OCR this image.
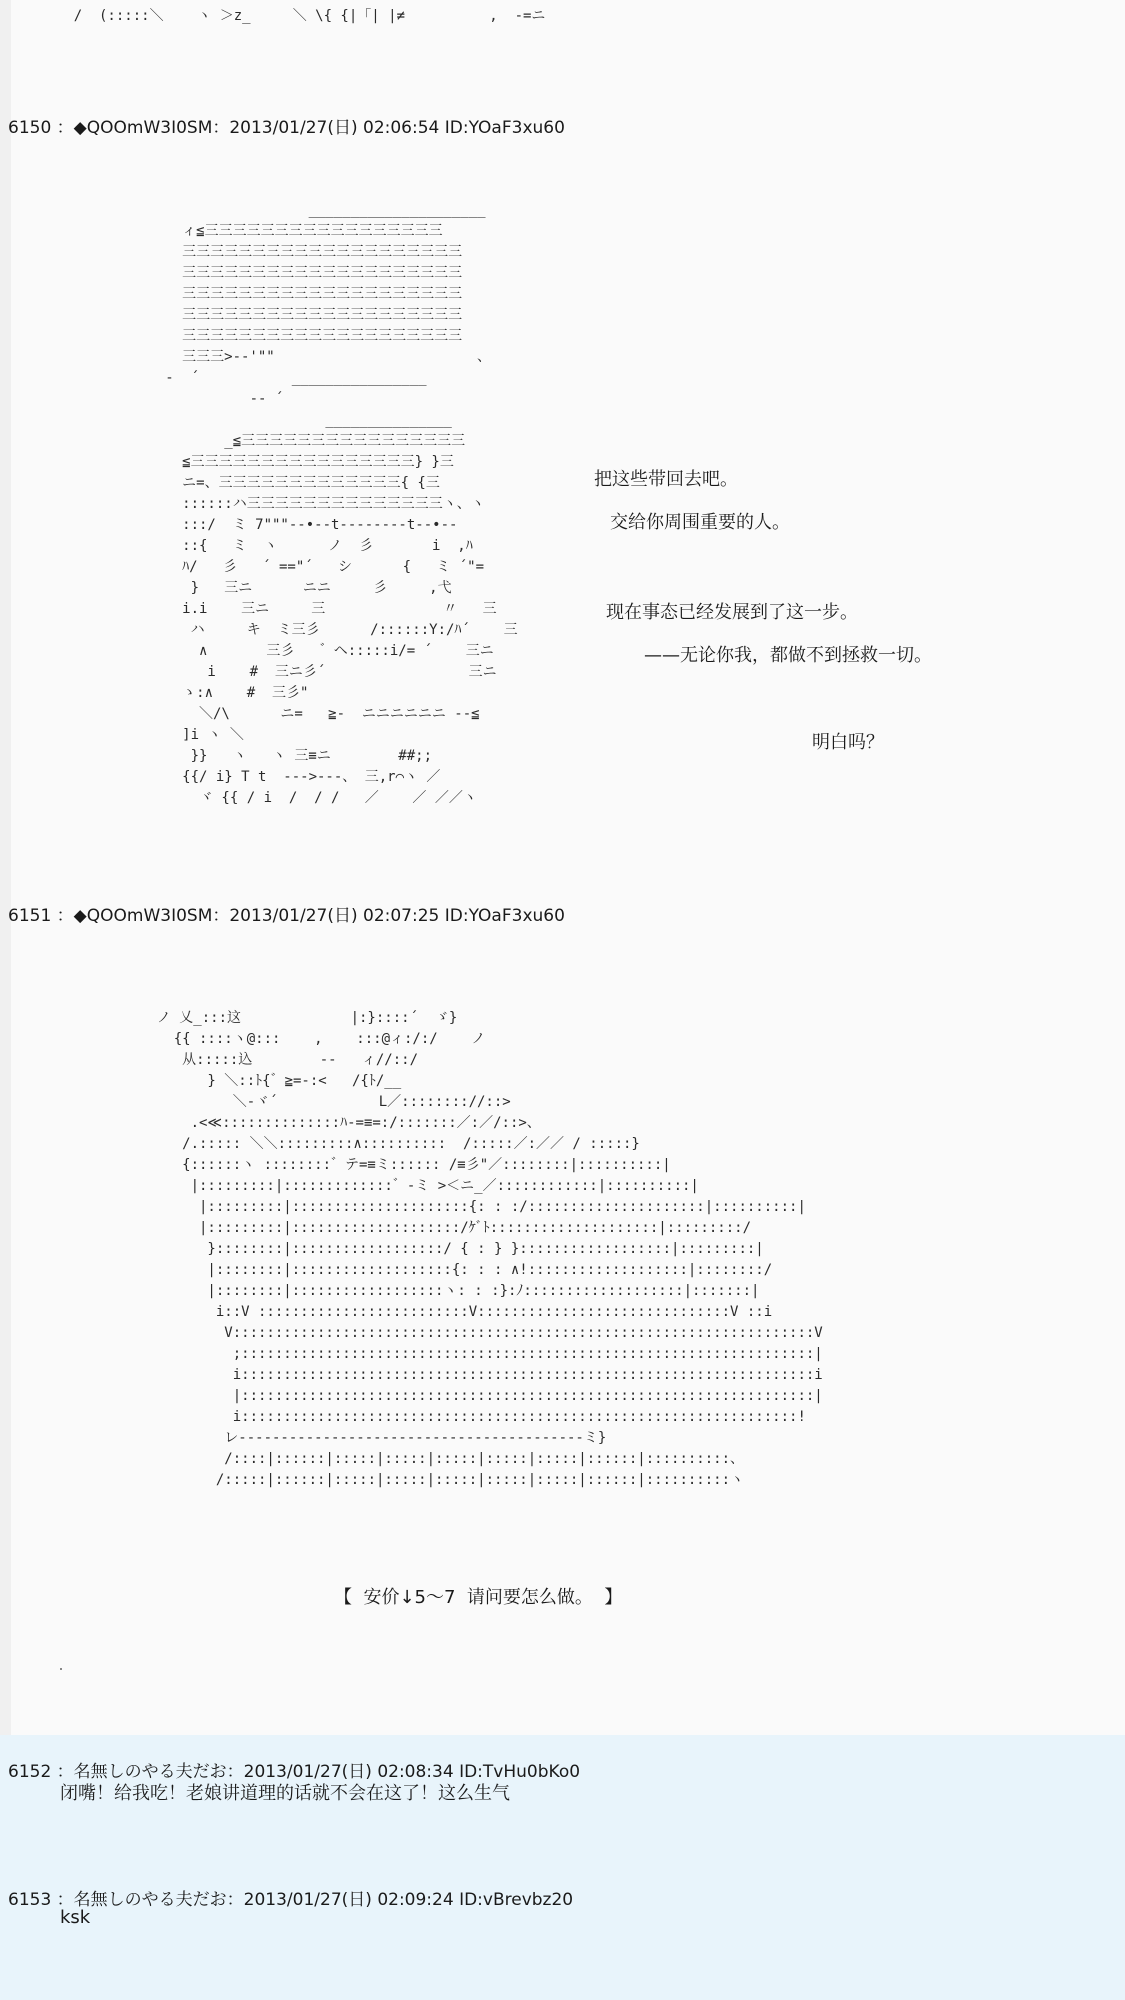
/  (:::::＼    ヽ ＞z_     ＼ \{ {|「| |≠          ,  -=ニ
6150 ：◆QOOmW3I0SM：2013/01/27(日) 02:06:54 ID:YOaF3xu60
_____________________
ィ≦三三三三三三三三三三三三三三三三三
三三三三三三三三三三三三三三三三三三三三
三三三三三三三三三三三三三三三三三三三三
三三三三三三三三三三三三三三三三三三三三
三三三三三三三三三三三三三三三三三三三三
三三三三三三三三三三三三三三三三三三三三
三三三>-‐'""                        、
‐  ´           ________________
‐‐ ´
_______________
_≦三三三三三三三三三三三三三三三三
≦三三三三三三三三三三三三三三三三} }三
ニ=、三三三三三三三三三三三三三{ {三
::::::ハ三三三三三三三三三三三三三三ヽ、ヽ
:::/  ミ 7"""‐‐•‐‐t‐‐‐‐‐‐‐‐t‐‐•‐‐
::{   ミ  ヽ      ノ  彡       i  ,ﾊ
ﾊ/   彡   ´ =="´   シ      {   ミ ´"=
}   三ニ      ニニ     彡     ,弋
i.i    三ニ     三              〃   三
ハ     キ  ミ三彡      /::::::Y:/ﾊ´    三
∧       三彡   ゛ヘ:::::i/= ´    三ニ
i    #  三ニ彡´                 三ニ
ゝ:∧    #  三彡"
＼/\      ニ=   ≧‐  ニニニニニニ ‐‐≦
]i ヽ ＼
}}   ヽ   ヽ 三≡ニ        ##;;
{{/ i} T t  ‐‐‐>‐‐‐、 三,r⌒ヽ ／
ヾ {{ / i  /  / /   ／    ／ ／／ヽ
把这些带回去吧。
交给你周围重要的人。
现在事态已经发展到了这一步。
——无论你我，都做不到拯救一切。
明白吗？
6151 ：◆QOOmW3I0SM：2013/01/27(日) 02:07:25 ID:YOaF3xu60
ノ 乂_:::这             |:}::::´  ゞ}
{{ ::::ヽ@:::    ,    :::@ィ:/:/    ノ
从:::::込        ‐‐   ィ//::/
} ＼::ﾄ{゛≧=-:<   /{ﾄ/__
＼‐ヾ´            L／:::::::://::>
.<≪::::::::::::::ﾊ-=≡=:/:::::::／:／/::>、
/.::::: ＼＼:::::::::∧::::::::::  /:::::／:／／ / :::::}
{::::::ヽ ::::::::゛テ=≡ミ:::::: /≡彡"／::::::::|::::::::::|
|:::::::::|:::::::::::::゛‐ミ >＜ニ_／::::::::::::|::::::::::|
|:::::::::|:::::::::::::::::::::{: : :/:::::::::::::::::::::|::::::::::|
|:::::::::|::::::::::::::::::::/ｹﾞﾄ::::::::::::::::::::|:::::::::/
}::::::::|::::::::::::::::::/ { : } }::::::::::::::::::|:::::::::|
|::::::::|:::::::::::::::::::{: : : ∧!:::::::::::::::::::|::::::::/
|::::::::|::::::::::::::::::ヽ: : :}:ﾉ:::::::::::::::::::|:::::::|
i::V :::::::::::::::::::::::::V::::::::::::::::::::::::::::::V ::i
V:::::::::::::::::::::::::::::::::::::::::::::::::::::::::::::::::::::V
;::::::::::::::::::::::::::::::::::::::::::::::::::::::::::::::::::::|
i::::::::::::::::::::::::::::::::::::::::::::::::::::::::::::::::::::i
|::::::::::::::::::::::::::::::::::::::::::::::::::::::::::::::::::::|
i::::::::::::::::::::::::::::::::::::::::::::::::::::::::::::::::::!
レ‐‐‐‐‐‐‐‐‐‐‐‐‐‐‐‐‐‐‐‐‐‐‐‐‐‐‐‐‐‐‐‐‐‐‐‐‐‐‐‐‐ミ}
/::::|::::::|:::::|:::::|:::::|:::::|:::::|::::::|::::::::::、
/:::::|::::::|:::::|:::::|:::::|:::::|:::::|::::::|::::::::::ヽ
【  安价↓5～7  请问要怎么做。  】
6152 ：名無しのやる夫だお：2013/01/27(日) 02:08:34 ID:TvHu0bKo0
闭嘴！给我吃！老娘讲道理的话就不会在这了！这么生气
6153 ：名無しのやる夫だお：2013/01/27(日) 02:09:24 ID:vBrevbz20
ksk
